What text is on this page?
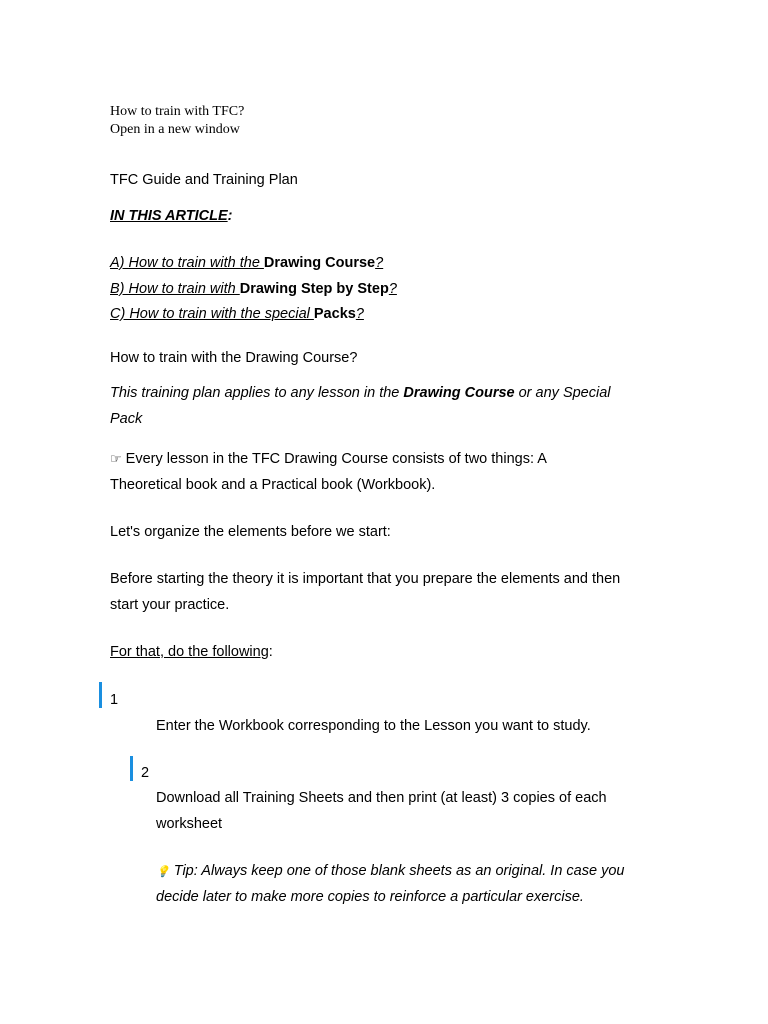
How to train with TFC?
Open in a new window
TFC Guide and Training Plan
IN THIS ARTICLE:
A) How to train with the Drawing Course?
B) How to train with Drawing Step by Step?
C) How to train with the special Packs?
How to train with the Drawing Course?
This training plan applies to any lesson in the Drawing Course or any Special
Pack
☞ Every lesson in the TFC Drawing Course consists of two things: A
Theoretical book and a Practical book (Workbook).
Let's organize the elements before we start:
Before starting the theory it is important that you prepare the elements and then
start your practice.
For that, do the following:
1
Enter the Workbook corresponding to the Lesson you want to study.
2
Download all Training Sheets and then print (at least) 3 copies of each
worksheet
💡 Tip: Always keep one of those blank sheets as an original. In case you
decide later to make more copies to reinforce a particular exercise.
